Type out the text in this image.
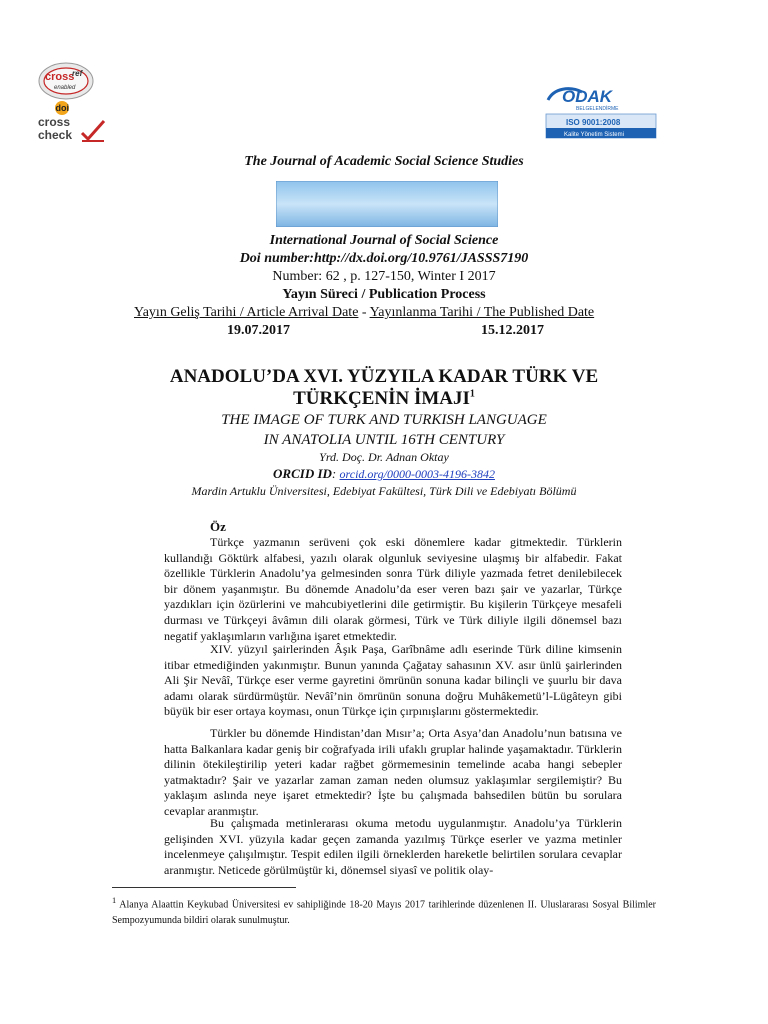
cross
ref
enabled
doi
cross
check
ODAK
BELGELENDİRME
ISO 9001:2008
Kalite Yönetim Sistemi
The Journal of Academic Social Science Studies
International Journal of Social Science
Doi number:http://dx.doi.org/10.9761/JASSS7190
Number: 62 , p. 127-150, Winter I 2017
Yayın Süreci / Publication Process
Yayın Geliş Tarihi / Article Arrival Date - Yayınlanma Tarihi / The Published Date
19.07.2017	15.12.2017
ANADOLU’DA XVI. YÜZYILA KADAR TÜRK VE
TÜRKÇENİN İMAJI$^1$
THE IMAGE OF TURK AND TURKISH LANGUAGE
IN ANATOLIA UNTIL 16TH CENTURY
Yrd. Doç. Dr. Adnan Oktay
ORCID ID: orcid.org/0000-0003-4196-3842
Mardin Artuklu Üniversitesi, Edebiyat Fakültesi, Türk Dili ve Edebiyatı Bölümü
Öz

Türkçe yazmanın serüveni çok eski dönemlere kadar gitmektedir. Türklerin kullandığı Göktürk alfabesi, yazılı olarak olgunluk seviyesine ulaşmış bir alfabedir. Fakat özellikle Türklerin Anadolu’ya gelmesinden sonra Türk diliyle yazmada fetret denilebilecek bir dönem yaşanmıştır. Bu dönemde Anadolu’da eser veren bazı şair ve yazarlar, Türkçe yazdıkları için özürlerini ve mahcubiyetlerini dile getirmiştir. Bu kişilerin Türkçeye mesafeli durması ve Türkçeyi âvâmın dili olarak görmesi, Türk ve Türk diliyle ilgili dönemsel bazı negatif yaklaşımların varlığına işaret etmektedir.

XIV. yüzyıl şairlerinden Âşık Paşa, Garîbnâme adlı eserinde Türk diline kimsenin itibar etmediğinden yakınmıştır. Bunun yanında Çağatay sahasının XV. asır ünlü şairlerinden Ali Şir Nevâî, Türkçe eser verme gayretini ömrünün sonuna kadar bilinçli ve şuurlu bir dava adamı olarak sürdürmüştür. Nevâî’nin ömrünün sonuna doğru Muhâkemetü’l-Lügâteyn gibi büyük bir eser ortaya koyması, onun Türkçe için çırpınışlarını göstermektedir.

Türkler bu dönemde Hindistan’dan Mısır’a; Orta Asya’dan Anadolu’nun batısına ve hatta Balkanlara kadar geniş bir coğrafyada irili ufaklı gruplar halinde yaşamaktadır. Türklerin dilinin ötekileştirilip yeteri kadar rağbet görmemesinin temelinde acaba hangi sebepler yatmaktadır? Şair ve yazarlar zaman zaman neden olumsuz yaklaşımlar sergilemiştir? Bu yaklaşım aslında neye işaret etmektedir? İşte bu çalışmada bahsedilen bütün bu sorulara cevaplar aranmıştır.

Bu çalışmada metinlerarası okuma metodu uygulanmıştır. Anadolu’ya Türklerin gelişinden XVI. yüzyıla kadar geçen zamanda yazılmış Türkçe eserler ve yazma metinler incelenmeye çalışılmıştır. Tespit edilen ilgili örneklerden hareketle belirtilen sorulara cevaplar aranmıştır. Neticede görülmüştür ki, dönemsel siyasî ve politik olay-

$^1$ Alanya Alaattin Keykubad Üniversitesi ev sahipliğinde 18-20 Mayıs 2017 tarihlerinde düzenlenen II. Uluslararası Sosyal Bilimler Sempozyumunda bildiri olarak sunulmuştur.
